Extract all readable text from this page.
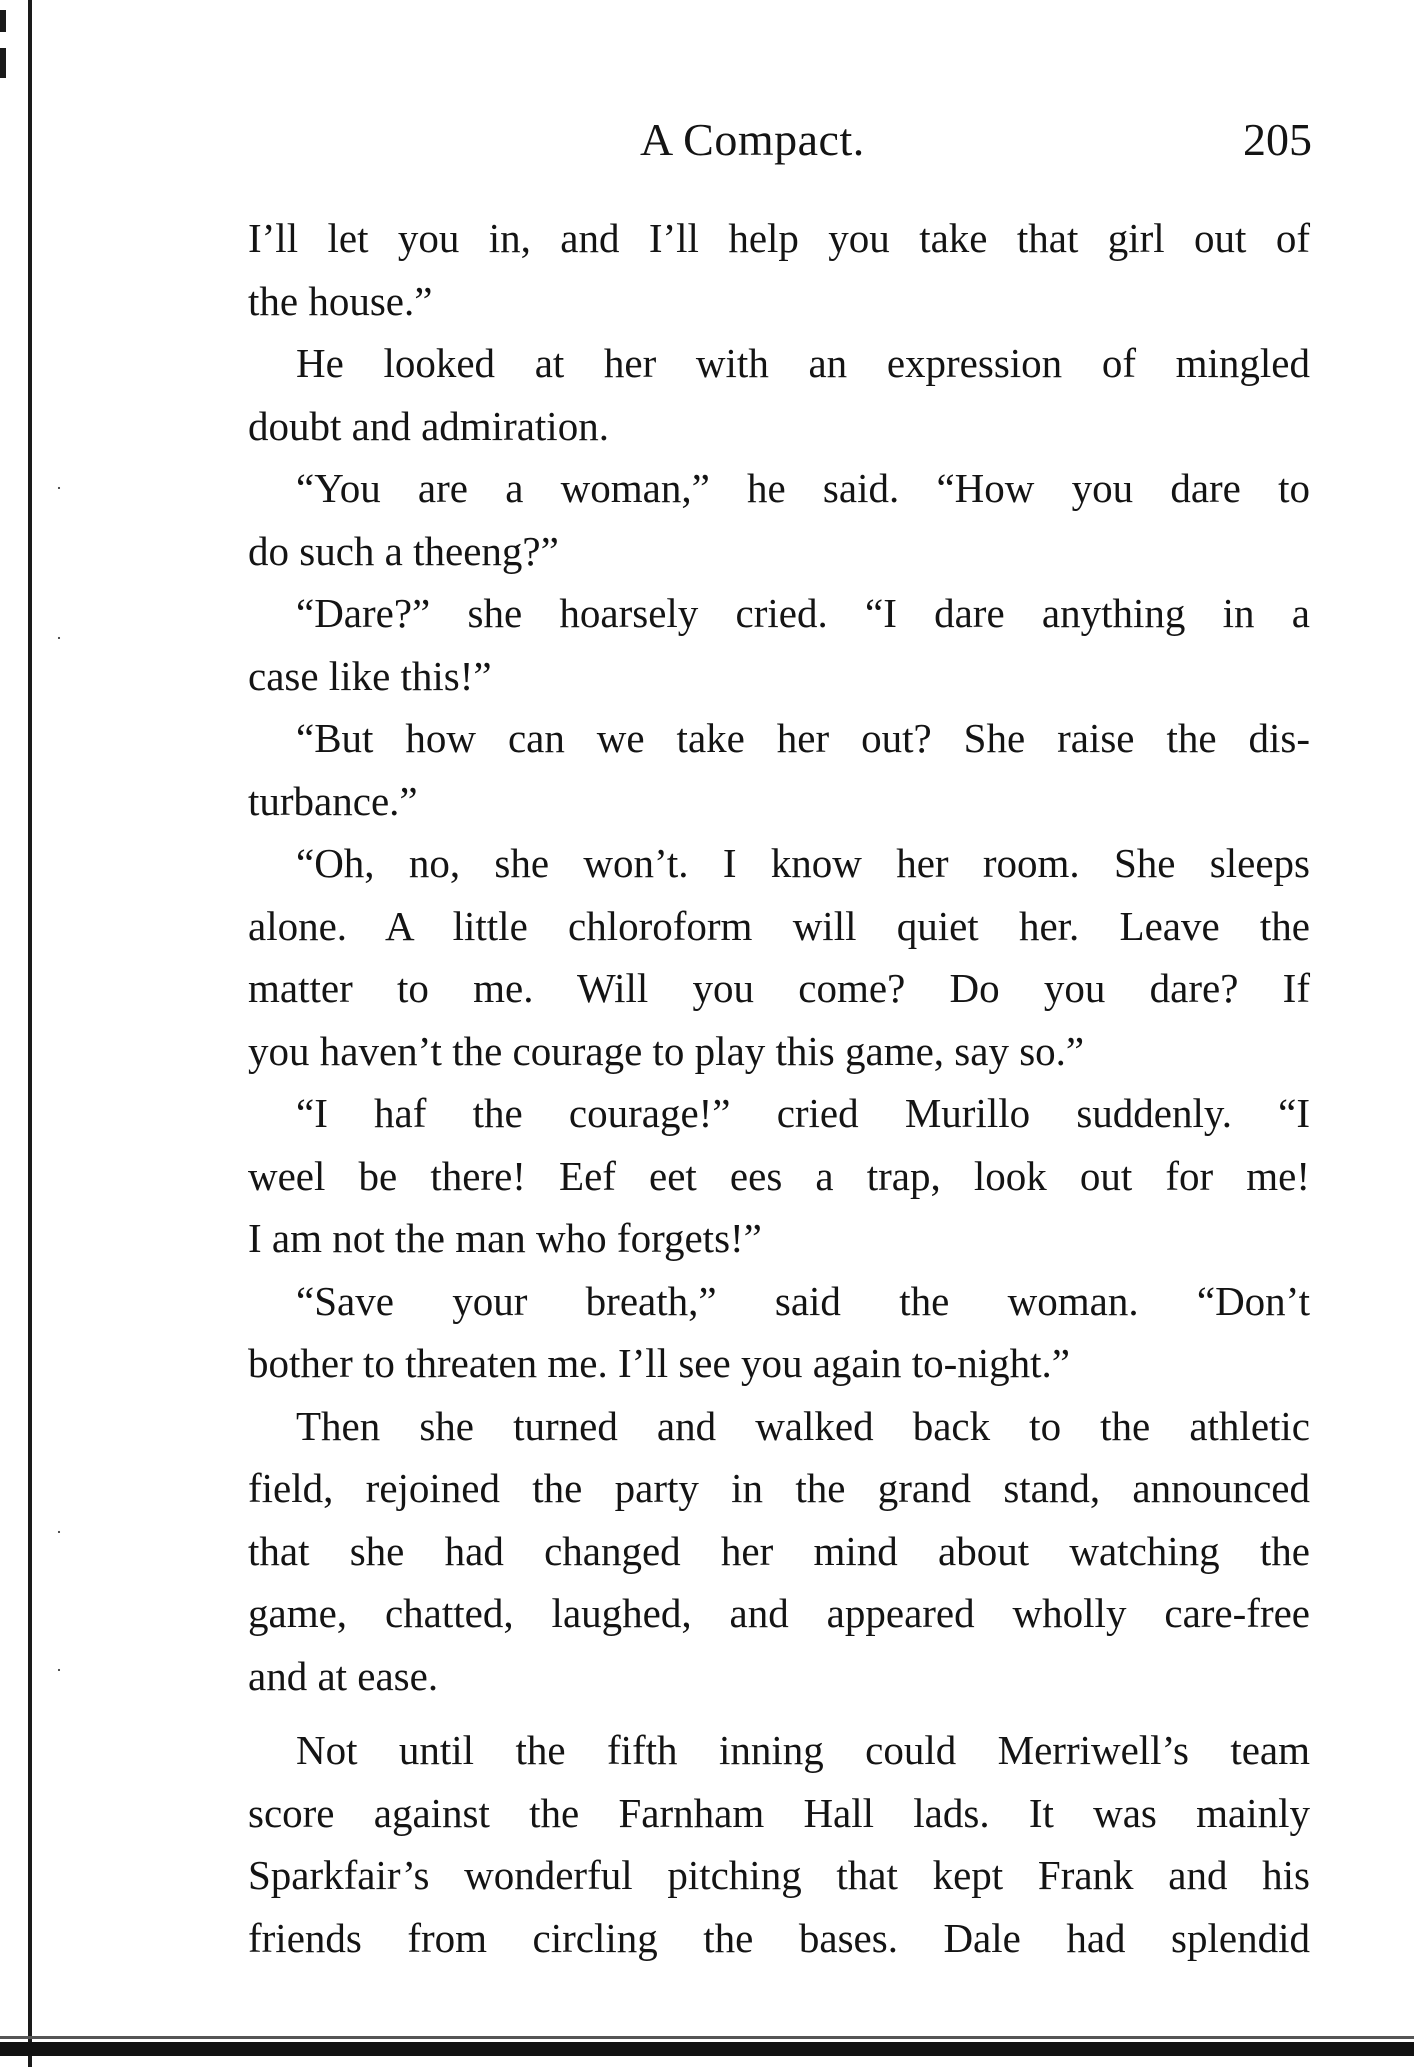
·
·
·
·
A Compact.	205
I’ll let you in, and I’ll help you take that girl out of
the house.”
He looked at her with an expression of mingled
doubt and admiration.
“You are a woman,” he said. “How you dare to
do such a theeng?”
“Dare?” she hoarsely cried. “I dare anything in a
case like this!”
“But how can we take her out? She raise the dis-
turbance.”
“Oh, no, she won’t. I know her room. She sleeps
alone. A little chloroform will quiet her. Leave the
matter to me. Will you come? Do you dare? If
you haven’t the courage to play this game, say so.”
“I haf the courage!” cried Murillo suddenly. “I
weel be there! Eef eet ees a trap, look out for me!
I am not the man who forgets!”
“Save your breath,” said the woman. “Don’t
bother to threaten me. I’ll see you again to-night.”
Then she turned and walked back to the athletic
field, rejoined the party in the grand stand, announced
that she had changed her mind about watching the
game, chatted, laughed, and appeared wholly care-free
and at ease.
Not until the fifth inning could Merriwell’s team
score against the Farnham Hall lads. It was mainly
Sparkfair’s wonderful pitching that kept Frank and his
friends from circling the bases. Dale had splendid
